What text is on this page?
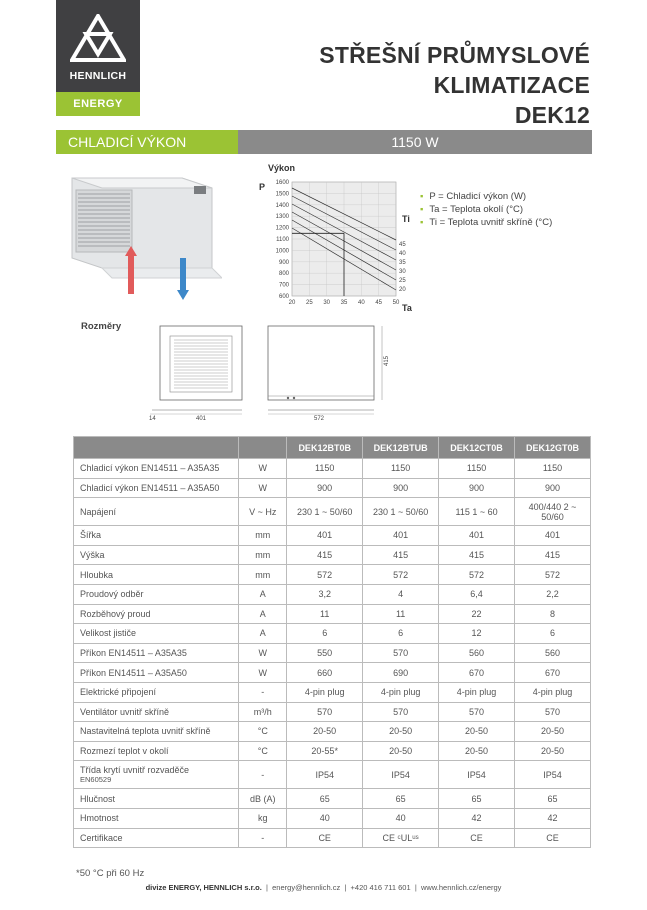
HENNLICH
ENERGY
STŘEŠNÍ PRŮMYSLOVÉ
KLIMATIZACE
DEK12
CHLADICÍ VÝKON	1150 W
Výkon
P
Ti
Ta
1600
1500
1400
1300
1200
1100
1000
900
800
700
600
20 25 30 35 40 45 50
45
40
35
30
25
20
▪ P = Chladicí výkon (W)
▪ Ta = Teplota okolí (°C)
▪ Ti = Teplota uvnitř skříně (°C)
Rozměry
14	401
415
572
		DEK12BT0B	DEK12BTUB	DEK12CT0B	DEK12GT0B
Chladicí výkon EN14511 – A35A35	W	1150	1150	1150	1150
Chladicí výkon EN14511 – A35A50	W	900	900	900	900
Napájení	V ~ Hz	230 1 ~ 50/60	230 1 ~ 50/60	115 1 ~ 60	400/440 2 ~ 50/60
Šířka	mm	401	401	401	401
Výška	mm	415	415	415	415
Hloubka	mm	572	572	572	572
Proudový odběr	A	3,2	4	6,4	2,2
Rozběhový proud	A	11	11	22	8
Velikost jističe	A	6	6	12	6
Příkon EN14511 – A35A35	W	550	570	560	560
Příkon EN14511 – A35A50	W	660	690	670	670
Elektrické připojení	-	4-pin plug	4-pin plug	4-pin plug	4-pin plug
Ventilátor uvnitř skříně	m³/h	570	570	570	570
Nastavitelná teplota uvnitř skříně	°C	20-50	20-50	20-50	20-50
Rozmezí teplot v okolí	°C	20-55*	20-50	20-50	20-50
Třída krytí uvnitř rozvaděče
EN60529	-	IP54	IP54	IP54	IP54
Hlučnost	dB (A)	65	65	65	65
Hmotnost	kg	40	40	42	42
Certifikace	-	CE	CE ᶜULᵘˢ	CE	CE
*50 °C při 60 Hz
divize ENERGY, HENNLICH s.r.o.  |  energy@hennlich.cz  |  +420 416 711 601  |  www.hennlich.cz/energy
